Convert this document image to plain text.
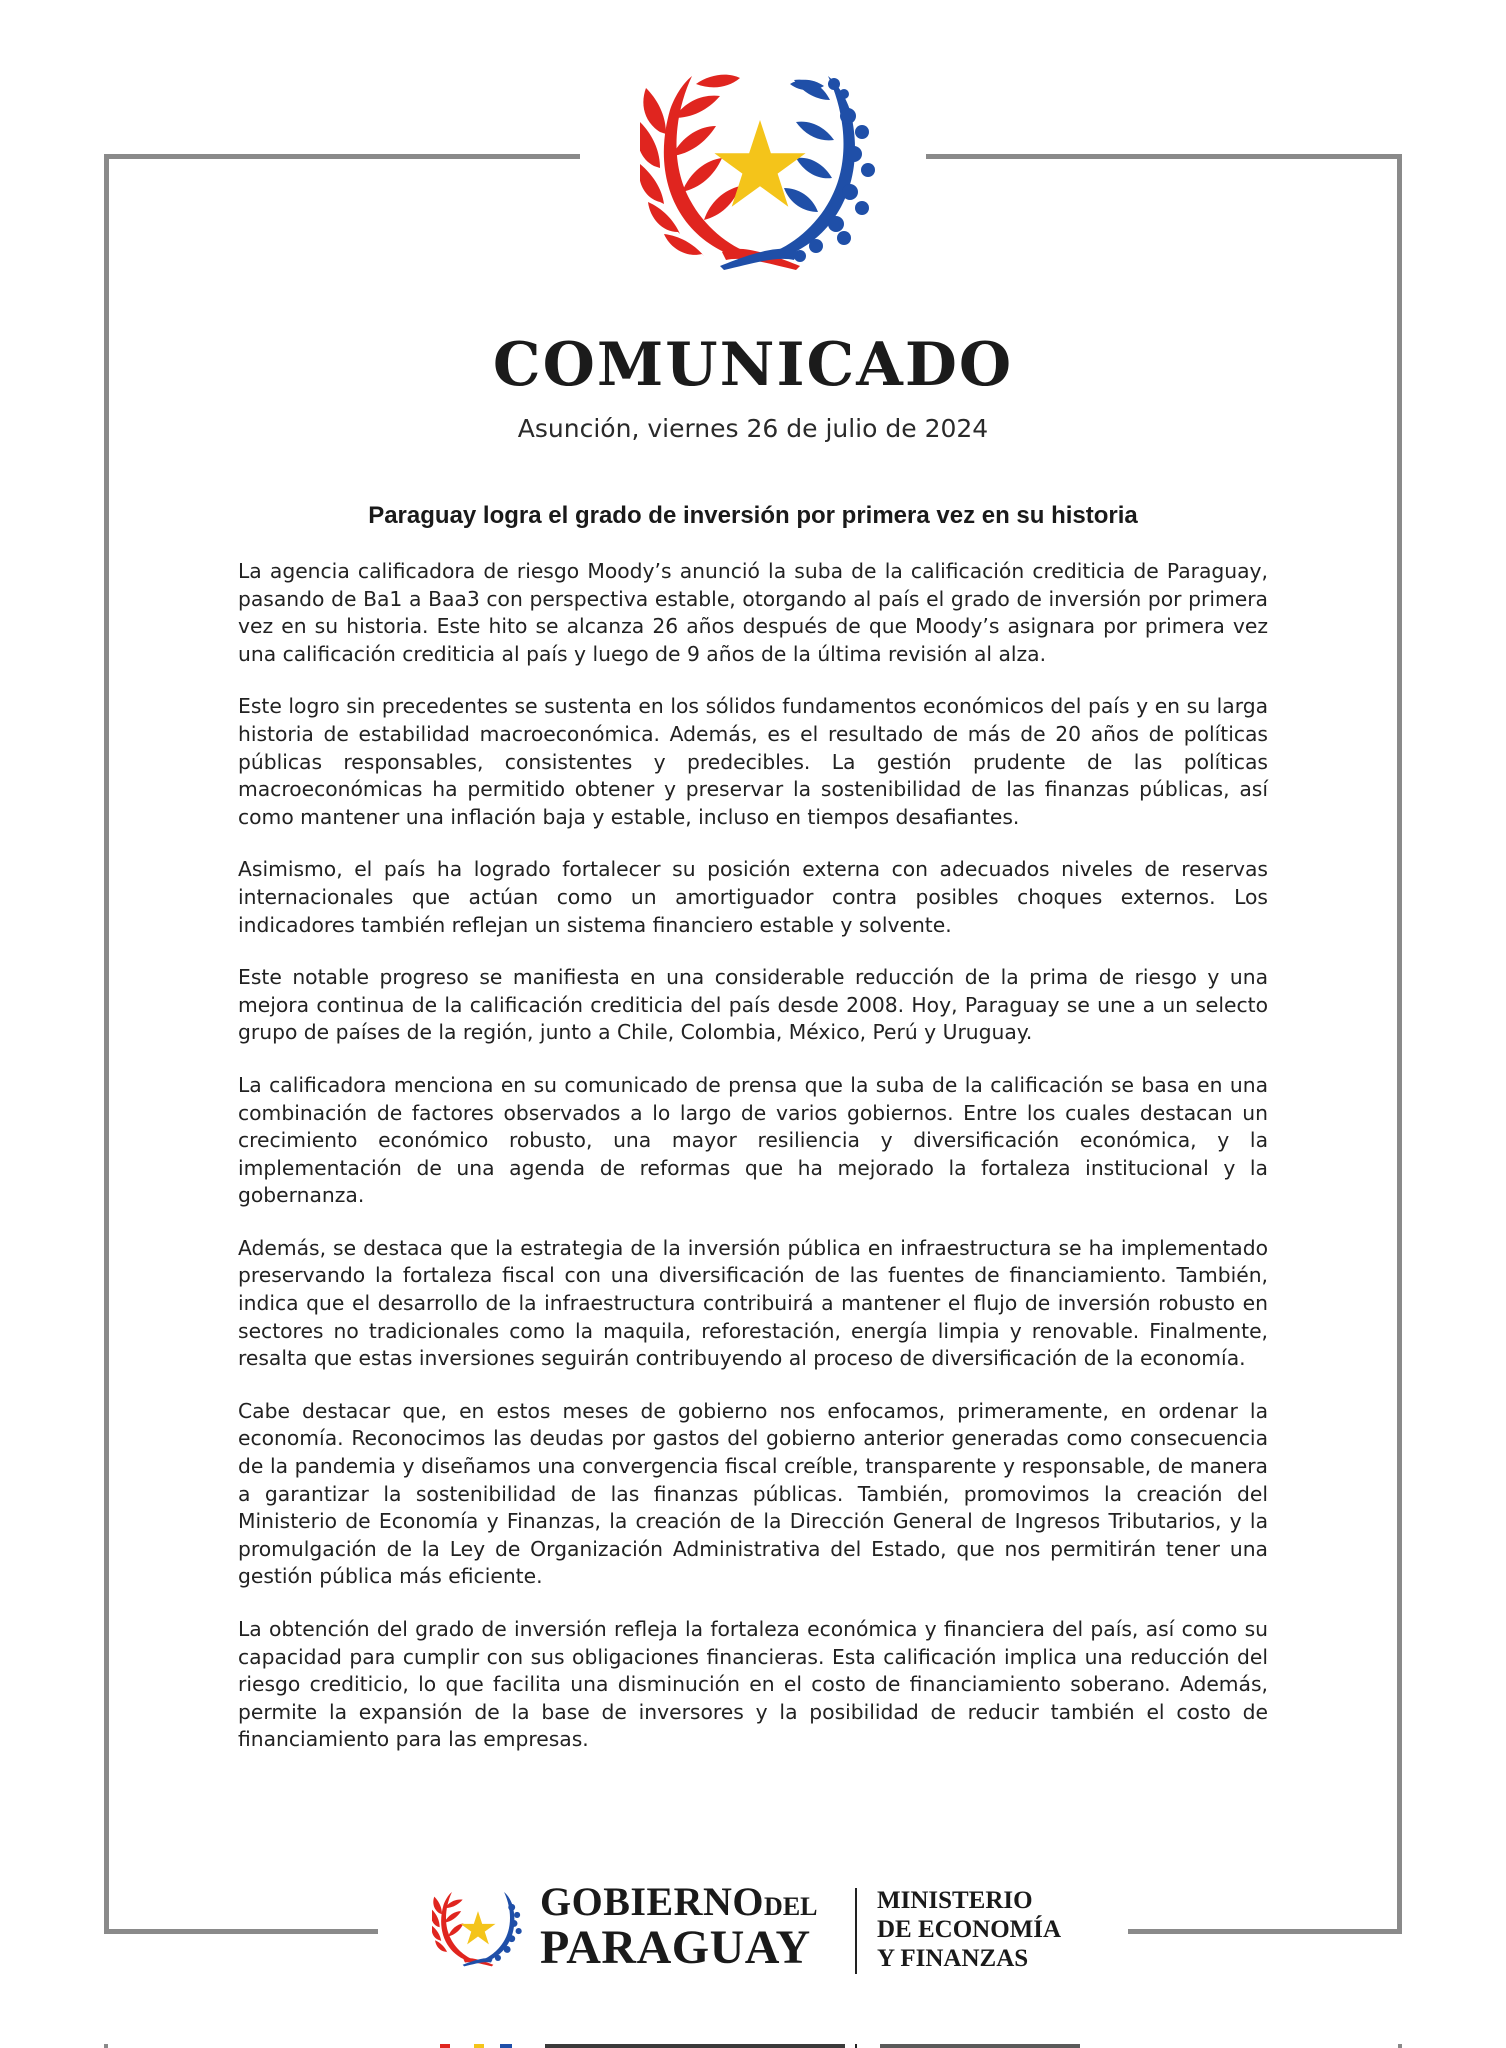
COMUNICADO
Asunción, viernes 26 de julio de 2024
Paraguay logra el grado de inversión por primera vez en su historia

La agencia calificadora de riesgo Moody’s anunció la suba de la calificación crediticia de Paraguay, pasando de Ba1 a Baa3 con perspectiva estable, otorgando al país el grado de inversión por primera vez en su historia. Este hito se alcanza 26 años después de que Moody’s asignara por primera vez una calificación crediticia al país y luego de 9 años de la última revisión al alza.

Este logro sin precedentes se sustenta en los sólidos fundamentos económicos del país y en su larga historia de estabilidad macroeconómica. Además, es el resultado de más de 20 años de políticas públicas responsables, consistentes y predecibles. La gestión prudente de las políticas macroeconómicas ha permitido obtener y preservar la sostenibilidad de las finanzas públicas, así como mantener una inflación baja y estable, incluso en tiempos desafiantes.

Asimismo, el país ha logrado fortalecer su posición externa con adecuados niveles de reservas internacionales que actúan como un amortiguador contra posibles choques externos. Los indicadores también reflejan un sistema financiero estable y solvente.

Este notable progreso se manifiesta en una considerable reducción de la prima de riesgo y una mejora continua de la calificación crediticia del país desde 2008. Hoy, Paraguay se une a un selecto grupo de países de la región, junto a Chile, Colombia, México, Perú y Uruguay.

La calificadora menciona en su comunicado de prensa que la suba de la calificación se basa en una combinación de factores observados a lo largo de varios gobiernos. Entre los cuales destacan un crecimiento económico robusto, una mayor resiliencia y diversificación económica, y la implementación de una agenda de reformas que ha mejorado la fortaleza institucional y la gobernanza.

Además, se destaca que la estrategia de la inversión pública en infraestructura se ha implementado preservando la fortaleza fiscal con una diversificación de las fuentes de financiamiento. También, indica que el desarrollo de la infraestructura contribuirá a mantener el flujo de inversión robusto en sectores no tradicionales como la maquila, reforestación, energía limpia y renovable. Finalmente, resalta que estas inversiones seguirán contribuyendo al proceso de diversificación de la economía.

Cabe destacar que, en estos meses de gobierno nos enfocamos, primeramente, en ordenar la economía. Reconocimos las deudas por gastos del gobierno anterior generadas como consecuencia de la pandemia y diseñamos una convergencia fiscal creíble, transparente y responsable, de manera a garantizar la sostenibilidad de las finanzas públicas. También, promovimos la creación del Ministerio de Economía y Finanzas, la creación de la Dirección General de Ingresos Tributarios, y la promulgación de la Ley de Organización Administrativa del Estado, que nos permitirán tener una gestión pública más eficiente.

La obtención del grado de inversión refleja la fortaleza económica y financiera del país, así como su capacidad para cumplir con sus obligaciones financieras. Esta calificación implica una reducción del riesgo crediticio, lo que facilita una disminución en el costo de financiamiento soberano. Además, permite la expansión de la base de inversores y la posibilidad de reducir también el costo de financiamiento para las empresas.

GOBIERNODEL
PARAGUAY
MINISTERIO
DE ECONOMÍA
Y FINANZAS
